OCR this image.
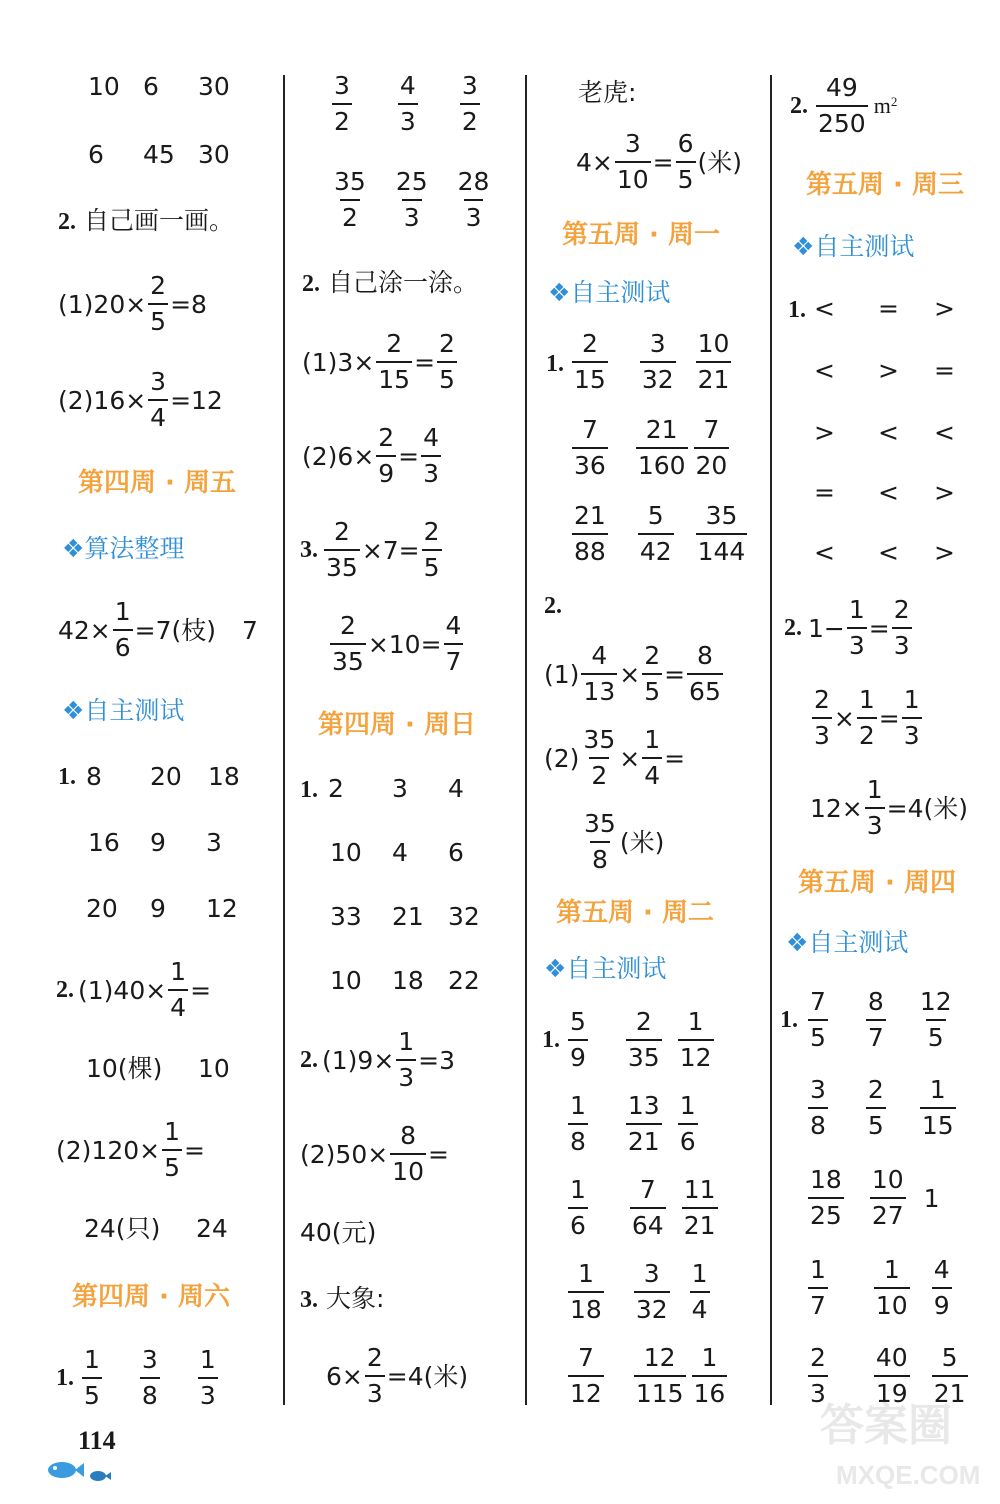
10 6 30
6 45 30
2. 自己画一画。
$(1)20\times \frac{2}{5} =8$
$(2)16\times \frac{3}{4} =12$
第四周 · 周五
❖算法整理
$42\times \frac{1}{6} =7$(枝) 7
❖自主测试
1. 8 20 18
16 9 3
20 9 12
2. $(1)40\times \frac{1}{4}$ =
10(棵) 10
$(2)120\times \frac{1}{5}$ =
24(只) 24
第四周 · 周六
1. $\frac{1}{5} \frac{3}{8} \frac{1}{3}$
114
$\frac{3}{2} \frac{4}{3} \frac{3}{2}$
$\frac{35}{2} \frac{25}{3} \frac{28}{3}$
2. 自己涂一涂。
$(1)3\times \frac{2}{15} = \frac{2}{5}$
$(2)6\times \frac{2}{9} = \frac{4}{3}$
3. $\frac{2}{35} \times 7= \frac{2}{5}$
$\frac{2}{35} \times 10= \frac{4}{7}$
第四周 · 周日
1. 2 3 4
10 4 6
33 21 32
10 18 22
2. $(1)9\times \frac{1}{3} =3$
$(2)50\times \frac{8}{10}$ =
40(元)
3. 大象:
$6\times \frac{2}{3} =4$(米)
老虎:
$4\times \frac{3}{10} = \frac{6}{5}$ (米)
第五周 · 周一
❖自主测试
1. $\frac{2}{15} \frac{3}{32} \frac{10}{21}$
$\frac{7}{36} \frac{21}{160} \frac{7}{20}$
$\frac{21}{88} \frac{5}{42} \frac{35}{144}$
2.
$(1) \frac{4}{13} \times \frac{2}{5} = \frac{8}{65}$
$(2) \frac{35}{2} \times \frac{1}{4}$ =
$\frac{35}{8}$ (米)
第五周 · 周二
❖自主测试
1. $\frac{5}{9} \frac{2}{35} \frac{1}{12}$
$\frac{1}{8} \frac{13}{21} \frac{1}{6}$
$\frac{1}{6} \frac{7}{64} \frac{11}{21}$
$\frac{1}{18} \frac{3}{32} \frac{1}{4}$
$\frac{7}{12} \frac{12}{115} \frac{1}{16}$
2. $\frac{49}{250} m^2$
第五周 · 周三
❖自主测试
1. < = >
< > =
> < <
= < >
< < >
2. $1- \frac{1}{3} = \frac{2}{3}$
$\frac{2}{3} \times \frac{1}{2} = \frac{1}{3}$
$12\times \frac{1}{3} =4$(米)
第五周 · 周四
❖自主测试
1. $\frac{7}{5} \frac{8}{7} \frac{12}{5}$
$\frac{3}{8} \frac{2}{5} \frac{1}{15}$
$\frac{18}{25} \frac{10}{27} 1$
$\frac{1}{7} \frac{1}{10} \frac{4}{9}$
$\frac{2}{3} \frac{40}{19} \frac{5}{21}$
答案圈
MXQE.COM
